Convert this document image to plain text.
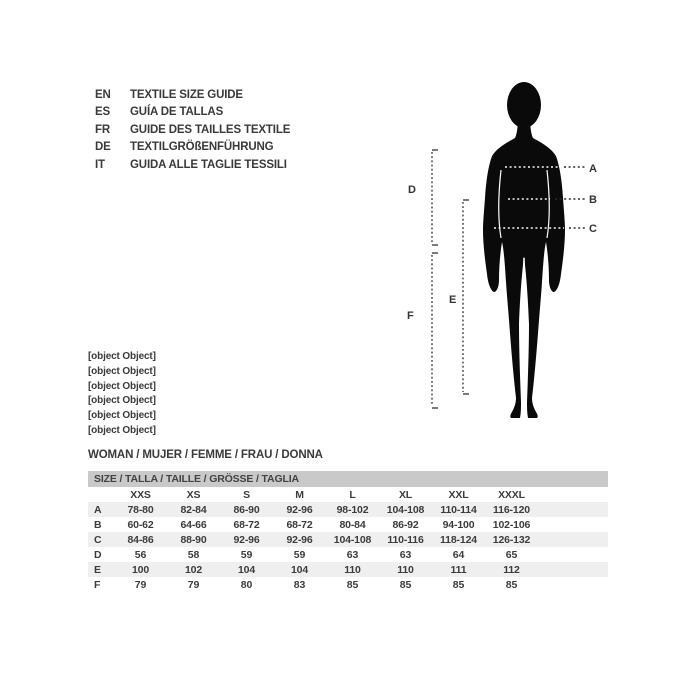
EN	TEXTILE SIZE GUIDE
ES	GUÍA DE TALLAS
FR	GUIDE DES TAILLES TEXTILE
DE	TEXTILGRÖßENFÜHRUNG
IT	GUIDA ALLE TAGLIE TESSILI	A
B
C
D
E
F
[object Object]
[object Object]
[object Object]
[object Object]
[object Object]
[object Object]
WOMAN / MUJER / FEMME / FRAU / DONNA
SIZE / TALLA / TAILLE / GRÖSSE / TAGLIA
	XXS	XS	S	M	L	XL	XXL	XXXL	
A	78-80	82-84	86-90	92-96	98-102	104-108	110-114	116-120	
B	60-62	64-66	68-72	68-72	80-84	86-92	94-100	102-106	
C	84-86	88-90	92-96	92-96	104-108	110-116	118-124	126-132	
D	56	58	59	59	63	63	64	65	
E	100	102	104	104	110	110	111	112	
F	79	79	80	83	85	85	85	85	
